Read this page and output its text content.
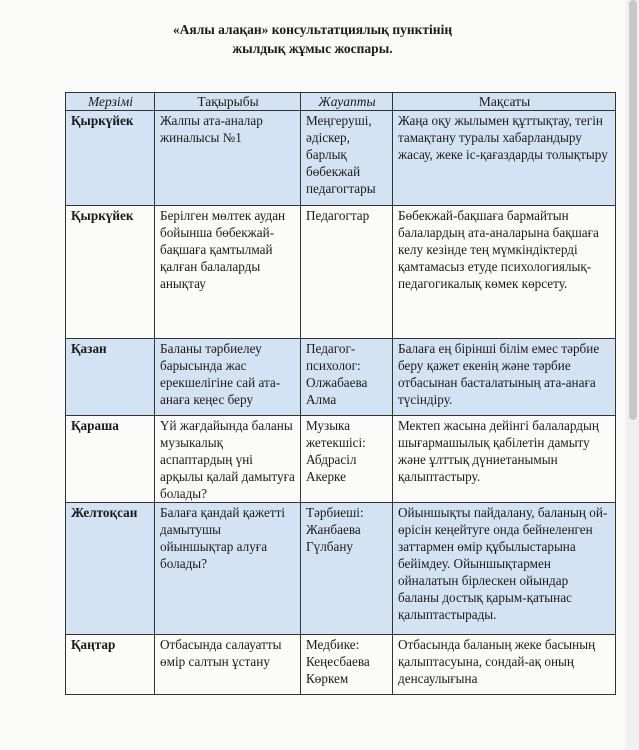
«Аялы алақан» консультатциялық пунктінің
жылдық жұмыс жоспары.
Мерзімі	Тақырыбы	Жауапты	Мақсаты
Қыркүйек	Жалпы ата-аналар жиналысы №1	Меңгеруші, әдіскер, барлық бөбекжай педагогтары	Жаңа оқу жылымен құттықтау, тегін тамақтану туралы хабарландыру жасау, жеке іс-қағаздарды толықтыру
Қыркүйек	Берілген мөлтек аудан бойынша бөбекжай-бақшаға қамтылмай қалған балаларды анықтау	Педагогтар	Бөбекжай-бақшаға бармайтын балалардың ата-аналарына бақшаға келу кезінде тең мүмкіндіктерді қамтамасыз етуде психологиялық-педагогикалық көмек көрсету.
Қазан	Баланы тәрбиелеу барысында жас ерекшелігіне сай ата-анаға кеңес беру	Педагог-психолог: Олжабаева Алма	Балаға ең бірінші білім емес тәрбие беру қажет екенің және тәрбие отбасынан басталатының ата-анаға түсіндіру.
Қараша	Үй жағдайында баланы музыкалық аспаптардың үні арқылы қалай дамытуға болады?	Музыка жетекшісі: Абдрасіл Акерке	Мектеп жасына дейінгі балалардың шығармашылық қабілетін дамыту және ұлттық дүниетанымын қалыптастыру.
Желтоқсан	Балаға қандай қажетті дамытушы ойыншықтар алуға болады?	Тәрбиеші: Жанбаева Гүлбану	Ойыншықты пайдалану, баланың ой-өрісін кеңейтуге онда бейнеленген заттармен өмір құбылыстарына бейімдеу. Ойыншықтармен ойналатын бірлескен ойындар баланы достық қарым-қатынас қалыптастырады.
Қаңтар	Отбасында салауатты өмір салтын ұстану	Медбике: Кеңесбаева Көркем	Отбасында баланың жеке басының қалыптасуына, сондай-ақ оның денсаулығына
